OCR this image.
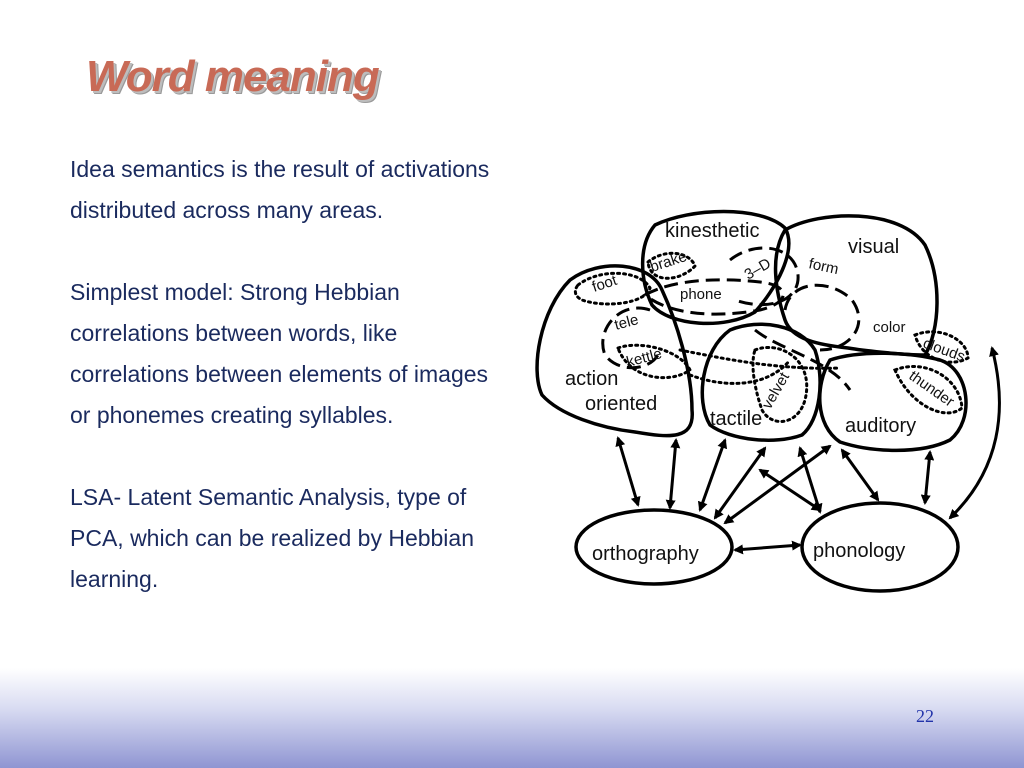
Word meaning

Idea semantics is the result of activations distributed across many areas.

Simplest model: Strong Hebbian correlations between words, like correlations between elements of images or phonemes creating syllables.

LSA- Latent Semantic Analysis, type of PCA, which can be realized by Hebbian learning.

kinesthetic
visual
action
oriented
tactile	auditory
orthography	phonology
foot
brake
phone
3–D form
tele
kettle
color
clouds
thunder
velvet
22
